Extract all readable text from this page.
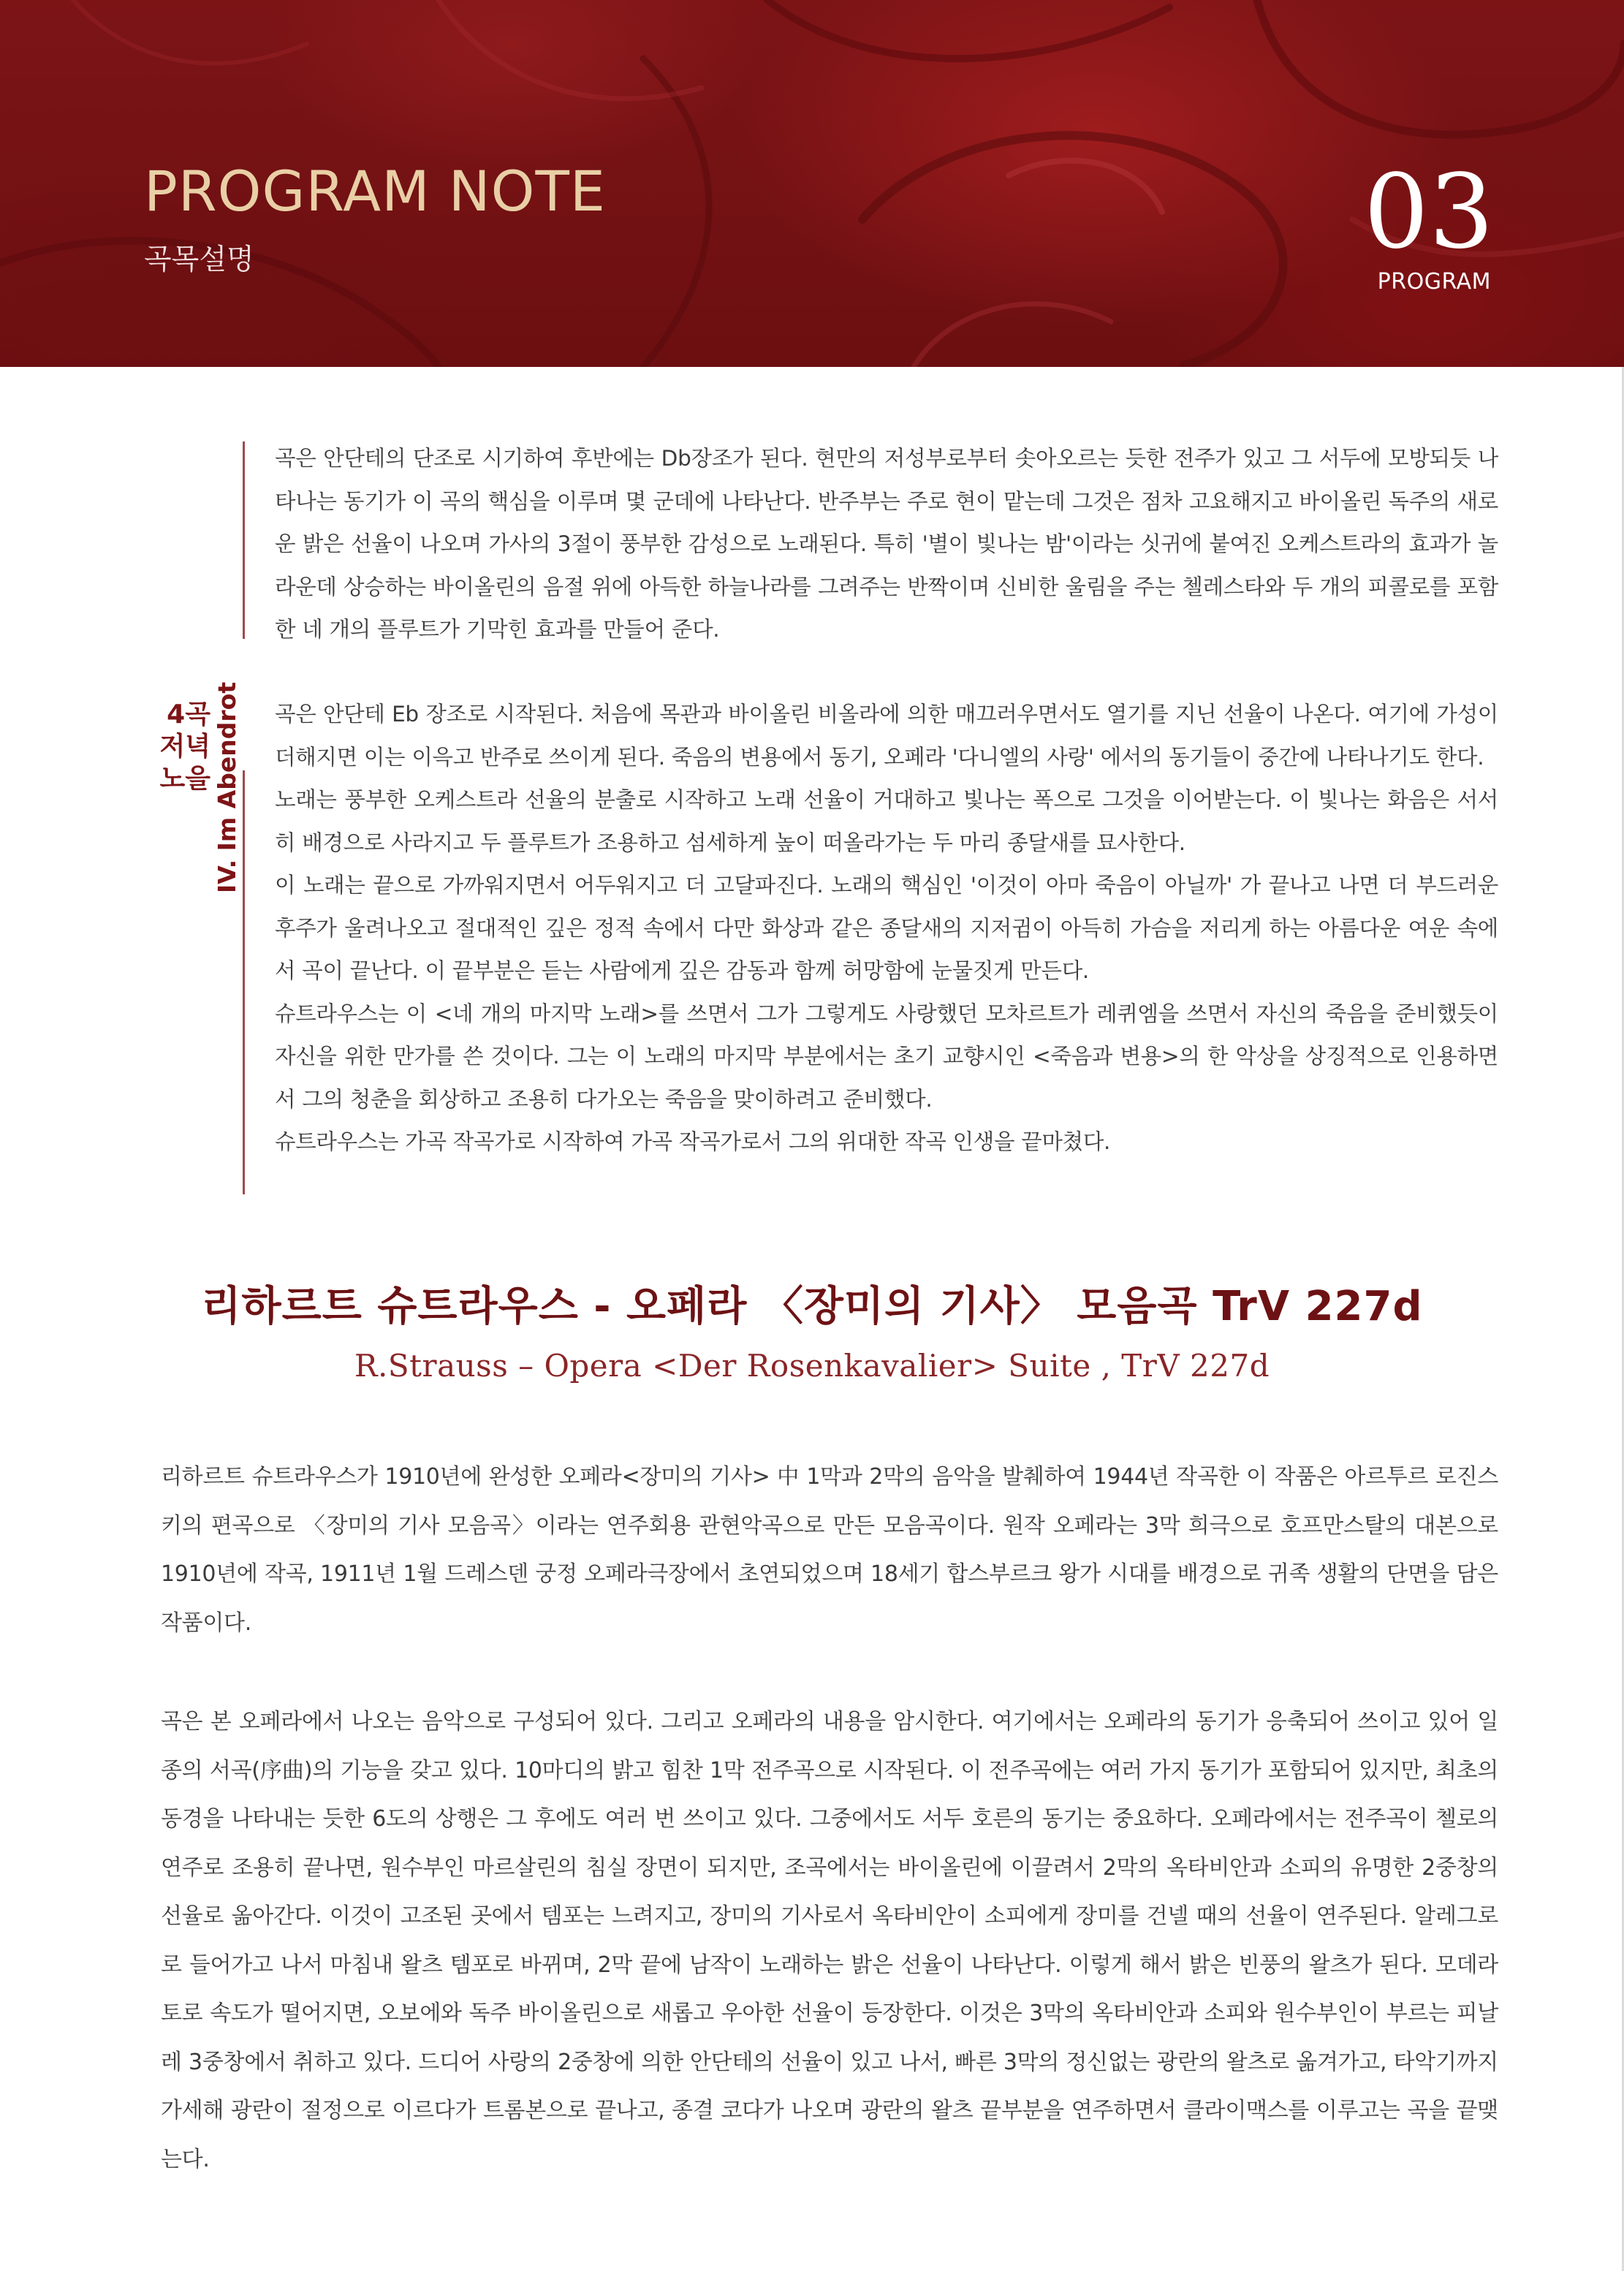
PROGRAM NOTE
곡목설명	03
PROGRAM

곡은 안단테의 단조로 시기하여 후반에는 Db장조가 된다. 현만의 저성부로부터 솟아오르는 듯한 전주가 있고 그 서두에 모방되듯 나타나는 동기가 이 곡의 핵심을 이루며 몇 군데에 나타난다. 반주부는 주로 현이 맡는데 그것은 점차 고요해지고 바이올린 독주의 새로운 밝은 선율이 나오며 가사의 3절이 풍부한 감성으로 노래된다. 특히 '별이 빛나는 밤'이라는 싯귀에 붙여진 오케스트라의 효과가 놀라운데 상승하는 바이올린의 음절 위에 아득한 하늘나라를 그려주는 반짝이며 신비한 울림을 주는 첼레스타와 두 개의 피콜로를 포함한 네 개의 플루트가 기막힌 효과를 만들어 준다.

4곡
저녁
노을 IV. Im Abendrot 곡은 안단테 Eb 장조로 시작된다. 처음에 목관과 바이올린 비올라에 의한 매끄러우면서도 열기를 지닌 선율이 나온다. 여기에 가성이 더해지면 이는 이윽고 반주로 쓰이게 된다. 죽음의 변용에서 동기, 오페라 '다니엘의 사랑' 에서의 동기들이 중간에 나타나기도 한다.

노래는 풍부한 오케스트라 선율의 분출로 시작하고 노래 선율이 거대하고 빛나는 폭으로 그것을 이어받는다. 이 빛나는 화음은 서서히 배경으로 사라지고 두 플루트가 조용하고 섬세하게 높이 떠올라가는 두 마리 종달새를 묘사한다.

이 노래는 끝으로 가까워지면서 어두워지고 더 고달파진다. 노래의 핵심인 '이것이 아마 죽음이 아닐까' 가 끝나고 나면 더 부드러운 후주가 울려나오고 절대적인 깊은 정적 속에서 다만 화상과 같은 종달새의 지저귐이 아득히 가슴을 저리게 하는 아름다운 여운 속에서 곡이 끝난다. 이 끝부분은 듣는 사람에게 깊은 감동과 함께 허망함에 눈물짓게 만든다.

슈트라우스는 이 <네 개의 마지막 노래>를 쓰면서 그가 그렇게도 사랑했던 모차르트가 레퀴엠을 쓰면서 자신의 죽음을 준비했듯이 자신을 위한 만가를 쓴 것이다. 그는 이 노래의 마지막 부분에서는 초기 교향시인 <죽음과 변용>의 한 악상을 상징적으로 인용하면서 그의 청춘을 회상하고 조용히 다가오는 죽음을 맞이하려고 준비했다.

슈트라우스는 가곡 작곡가로 시작하여 가곡 작곡가로서 그의 위대한 작곡 인생을 끝마쳤다.

리하르트 슈트라우스 - 오페라 〈장미의 기사〉 모음곡 TrV 227d
R.Strauss – Opera <Der Rosenkavalier> Suite , TrV 227d

리하르트 슈트라우스가 1910년에 완성한 오페라<장미의 기사> 中 1막과 2막의 음악을 발췌하여 1944년 작곡한 이 작품은 아르투르 로진스키의 편곡으로 〈장미의 기사 모음곡〉이라는 연주회용 관현악곡으로 만든 모음곡이다. 원작 오페라는 3막 희극으로 호프만스탈의 대본으로 1910년에 작곡, 1911년 1월 드레스덴 궁정 오페라극장에서 초연되었으며 18세기 합스부르크 왕가 시대를 배경으로 귀족 생활의 단면을 담은 작품이다.

곡은 본 오페라에서 나오는 음악으로 구성되어 있다. 그리고 오페라의 내용을 암시한다. 여기에서는 오페라의 동기가 응축되어 쓰이고 있어 일종의 서곡(序曲)의 기능을 갖고 있다. 10마디의 밝고 힘찬 1막 전주곡으로 시작된다. 이 전주곡에는 여러 가지 동기가 포함되어 있지만, 최초의 동경을 나타내는 듯한 6도의 상행은 그 후에도 여러 번 쓰이고 있다. 그중에서도 서두 호른의 동기는 중요하다. 오페라에서는 전주곡이 첼로의 연주로 조용히 끝나면, 원수부인 마르살린의 침실 장면이 되지만, 조곡에서는 바이올린에 이끌려서 2막의 옥타비안과 소피의 유명한 2중창의 선율로 옮아간다. 이것이 고조된 곳에서 템포는 느려지고, 장미의 기사로서 옥타비안이 소피에게 장미를 건넬 때의 선율이 연주된다. 알레그로로 들어가고 나서 마침내 왈츠 템포로 바뀌며, 2막 끝에 남작이 노래하는 밝은 선율이 나타난다. 이렇게 해서 밝은 빈풍의 왈츠가 된다. 모데라토로 속도가 떨어지면, 오보에와 독주 바이올린으로 새롭고 우아한 선율이 등장한다. 이것은 3막의 옥타비안과 소피와 원수부인이 부르는 피날레 3중창에서 취하고 있다. 드디어 사랑의 2중창에 의한 안단테의 선율이 있고 나서, 빠른 3막의 정신없는 광란의 왈츠로 옮겨가고, 타악기까지 가세해 광란이 절정으로 이르다가 트롬본으로 끝나고, 종결 코다가 나오며 광란의 왈츠 끝부분을 연주하면서 클라이맥스를 이루고는 곡을 끝맺는다.
